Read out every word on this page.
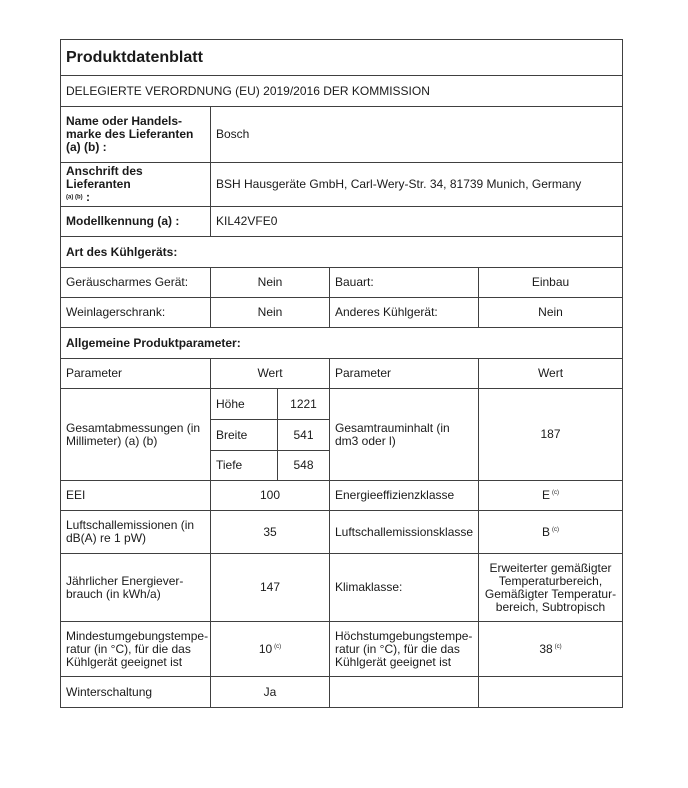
Produktdatenblatt				
DELEGIERTE VERORDNUNG (EU) 2019/2016 DER KOMMISSION				
Name oder Handels-marke des Lieferanten (a) (b) :	Bosch			
Anschrift des Lieferanten
(a) (b) :	BSH Hausgeräte GmbH, Carl-Wery-Str. 34, 81739 Munich, Germany			
Modellkennung (a) :	KIL42VFE0			
Art des Kühlgeräts:				
Geräuscharmes Gerät:	Nein		Bauart:	Einbau
Weinlagerschrank:	Nein		Anderes Kühlgerät:	Nein
Allgemeine Produktparameter:				
Parameter	Wert		Parameter	Wert
Gesamtabmessungen (in Millimeter) (a) (b)	Höhe	1221	Gesamtrauminhalt (in dm3 oder l)	187
	Breite	541		
	Tiefe	548		
EEI	100		Energieeffizienzklasse	E $^{(c)}$
Luftschallemissionen (in dB(A) re 1 pW)	35		Luftschallemissionsklasse	B $^{(c)}$
Jährlicher Energiever-brauch (in kWh/a)	147		Klimaklasse:	Erweiterter gemäßigter Temperaturbereich, Gemäßigter Temperatur-bereich, Subtropisch
Mindestumgebungstempe-ratur (in °C), für die das Kühlgerät geeignet ist	10 $^{(c)}$		Höchstumgebungstempe-ratur (in °C), für die das Kühlgerät geeignet ist	38 $^{(c)}$
Winterschaltung	Ja			
